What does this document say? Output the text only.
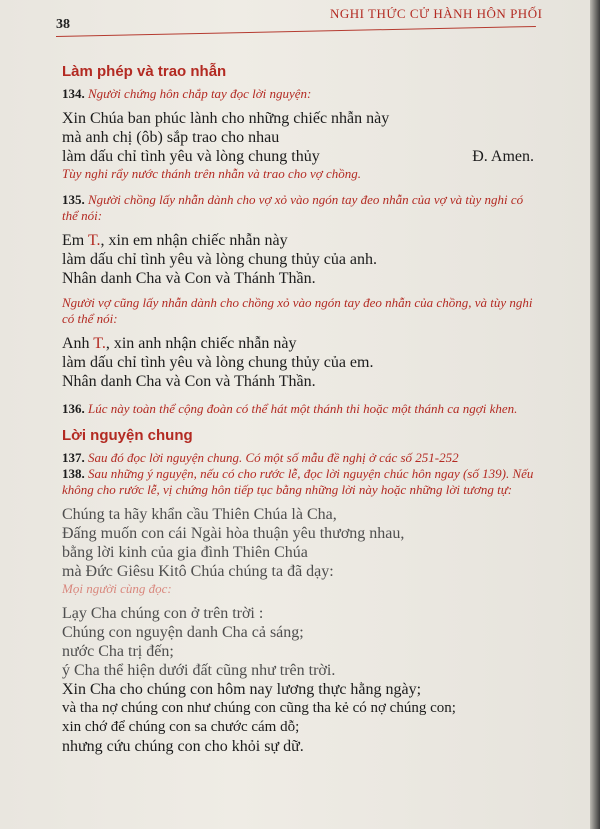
38
NGHI THỨC CỬ HÀNH HÔN PHỐI
Làm phép và trao nhẫn
134. Người chứng hôn chắp tay đọc lời nguyện:
Xin Chúa ban phúc lành cho những chiếc nhẫn này
mà anh chị (ôb) sắp trao cho nhau
làm dấu chỉ tình yêu và lòng chung thủy	Đ. Amen.
Tùy nghi rẩy nước thánh trên nhẫn và trao cho vợ chồng.
135. Người chồng lấy nhẫn dành cho vợ xỏ vào ngón tay đeo nhẫn của vợ và tùy nghi có thể nói:
Em T., xin em nhận chiếc nhẫn này
làm dấu chỉ tình yêu và lòng chung thủy của anh.
Nhân danh Cha và Con và Thánh Thần.
Người vợ cũng lấy nhẫn dành cho chồng xỏ vào ngón tay đeo nhẫn của chồng, và tùy nghi có thể nói:
Anh T., xin anh nhận chiếc nhẫn này
làm dấu chỉ tình yêu và lòng chung thủy của em.
Nhân danh Cha và Con và Thánh Thần.
136. Lúc này toàn thể cộng đoàn có thể hát một thánh thi hoặc một thánh ca ngợi khen.
Lời nguyện chung
137. Sau đó đọc lời nguyện chung. Có một số mẫu đề nghị ở các số 251-252
138. Sau những ý nguyện, nếu có cho rước lễ, đọc lời nguyện chúc hôn ngay (số 139). Nếu không cho rước lễ, vị chứng hôn tiếp tục bằng những lời này hoặc những lời tương tự:
Chúng ta hãy khẩn cầu Thiên Chúa là Cha,
Đấng muốn con cái Ngài hòa thuận yêu thương nhau,
bằng lời kinh của gia đình Thiên Chúa
mà Đức Giêsu Kitô Chúa chúng ta đã dạy:
Mọi người cùng đọc:
Lạy Cha chúng con ở trên trời :
Chúng con nguyện danh Cha cả sáng;
nước Cha trị đến;
ý Cha thể hiện dưới đất cũng như trên trời.
Xin Cha cho chúng con hôm nay lương thực hằng ngày;
và tha nợ chúng con như chúng con cũng tha kẻ có nợ chúng con;
xin chớ để chúng con sa chước cám dỗ;
nhưng cứu chúng con cho khỏi sự dữ.
